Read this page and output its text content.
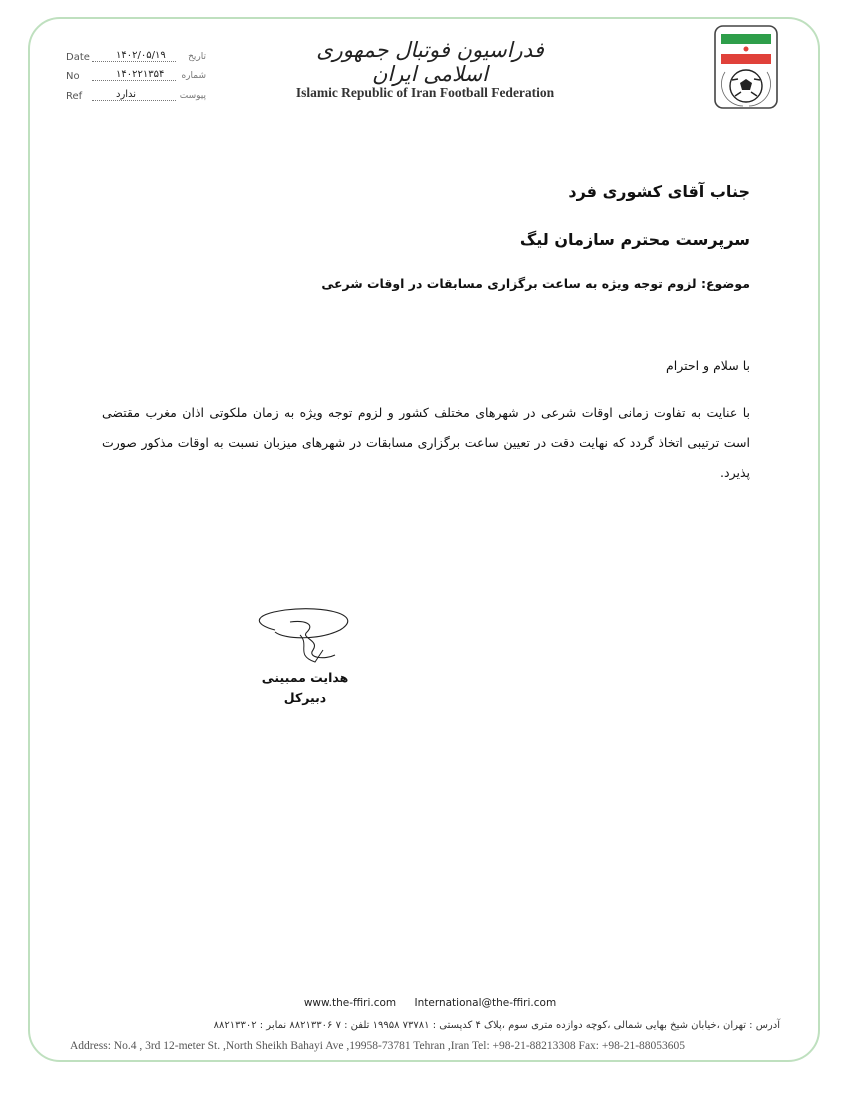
Date	۱۴۰۲/۰۵/۱۹	تاریخ
No	۱۴۰۲۲۱۳۵۴	شماره
Ref	ندارد	پیوست
فدراسیون فوتبال جمهوری اسلامی ایران
Islamic Republic of Iran Football Federation
جناب آقای کشوری فرد
سرپرست محترم سازمان لیگ
موضوع: لزوم توجه ویژه به ساعت برگزاری مسابقات در اوقات شرعی
با سلام و احترام
با عنایت به تفاوت زمانی اوقات شرعی در شهرهای مختلف کشور و لزوم توجه ویژه به زمان ملکوتی اذان مغرب مقتضی است ترتیبی اتخاذ گردد که نهایت دقت در تعیین ساعت برگزاری مسابقات در شهرهای میزبان نسبت به اوقات مذکور صورت پذیرد.
هدایت ممبینی
دبیرکل
www.the-ffiri.com International@the-ffiri.com
آدرس : تهران ،خیابان شیخ بهایی شمالی ،کوچه دوازده متری سوم ،پلاک ۴ کدپستی : ۷۳۷۸۱ ۱۹۹۵۸ تلفن : ۷ ۸۸۲۱۳۳۰۶ نمابر : ۸۸۲۱۳۳۰۲
Address: No.4 , 3rd 12-meter St. ,North Sheikh Bahayi Ave ,19958-73781 Tehran ,Iran Tel: +98-21-88213308 Fax: +98-21-88053605
